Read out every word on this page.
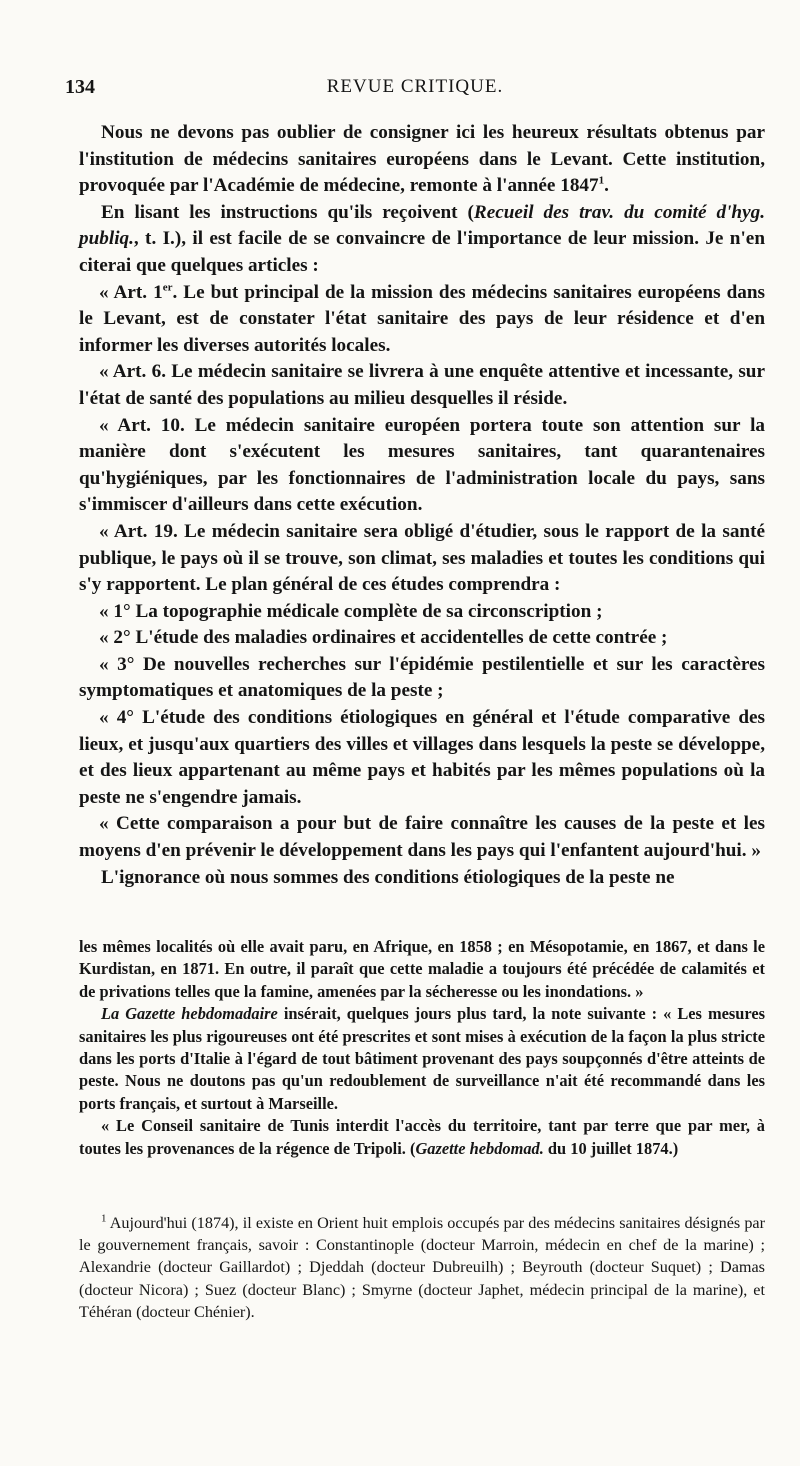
134	REVUE CRITIQUE.

Nous ne devons pas oublier de consigner ici les heureux résultats obtenus par l'institution de médecins sanitaires européens dans le Levant. Cette institution, provoquée par l'Académie de médecine, remonte à l'année 1847$^1$.

En lisant les instructions qu'ils reçoivent (Recueil des trav. du comité d'hyg. publiq., t. I.), il est facile de se convaincre de l'importance de leur mission. Je n'en citerai que quelques articles :

« Art. 1er. Le but principal de la mission des médecins sanitaires européens dans le Levant, est de constater l'état sanitaire des pays de leur résidence et d'en informer les diverses autorités locales.

« Art. 6. Le médecin sanitaire se livrera à une enquête attentive et incessante, sur l'état de santé des populations au milieu desquelles il réside.

« Art. 10. Le médecin sanitaire européen portera toute son attention sur la manière dont s'exécutent les mesures sanitaires, tant quarantenaires qu'hygiéniques, par les fonctionnaires de l'administration locale du pays, sans s'immiscer d'ailleurs dans cette exécution.

« Art. 19. Le médecin sanitaire sera obligé d'étudier, sous le rapport de la santé publique, le pays où il se trouve, son climat, ses maladies et toutes les conditions qui s'y rapportent. Le plan général de ces études comprendra :

« 1° La topographie médicale complète de sa circonscription ;

« 2° L'étude des maladies ordinaires et accidentelles de cette contrée ;

« 3° De nouvelles recherches sur l'épidémie pestilentielle et sur les caractères symptomatiques et anatomiques de la peste ;

« 4° L'étude des conditions étiologiques en général et l'étude comparative des lieux, et jusqu'aux quartiers des villes et villages dans lesquels la peste se développe, et des lieux appartenant au même pays et habités par les mêmes populations où la peste ne s'engendre jamais.

« Cette comparaison a pour but de faire connaître les causes de la peste et les moyens d'en prévenir le développement dans les pays qui l'enfantent aujourd'hui. »

L'ignorance où nous sommes des conditions étiologiques de la peste ne

les mêmes localités où elle avait paru, en Afrique, en 1858 ; en Mésopotamie, en 1867, et dans le Kurdistan, en 1871. En outre, il paraît que cette maladie a toujours été précédée de calamités et de privations telles que la famine, amenées par la sécheresse ou les inondations. »

La Gazette hebdomadaire insérait, quelques jours plus tard, la note suivante : « Les mesures sanitaires les plus rigoureuses ont été prescrites et sont mises à exécution de la façon la plus stricte dans les ports d'Italie à l'égard de tout bâtiment provenant des pays soupçonnés d'être atteints de peste. Nous ne doutons pas qu'un redoublement de surveillance n'ait été recommandé dans les ports français, et surtout à Marseille.

« Le Conseil sanitaire de Tunis interdit l'accès du territoire, tant par terre que par mer, à toutes les provenances de la régence de Tripoli. (Gazette hebdomad. du 10 juillet 1874.)

$^1$ Aujourd'hui (1874), il existe en Orient huit emplois occupés par des médecins sanitaires désignés par le gouvernement français, savoir : Constantinople (docteur Marroin, médecin en chef de la marine) ; Alexandrie (docteur Gaillardot) ; Djeddah (docteur Dubreuilh) ; Beyrouth (docteur Suquet) ; Damas (docteur Nicora) ; Suez (docteur Blanc) ; Smyrne (docteur Japhet, médecin principal de la marine), et Téhéran (docteur Chénier).
